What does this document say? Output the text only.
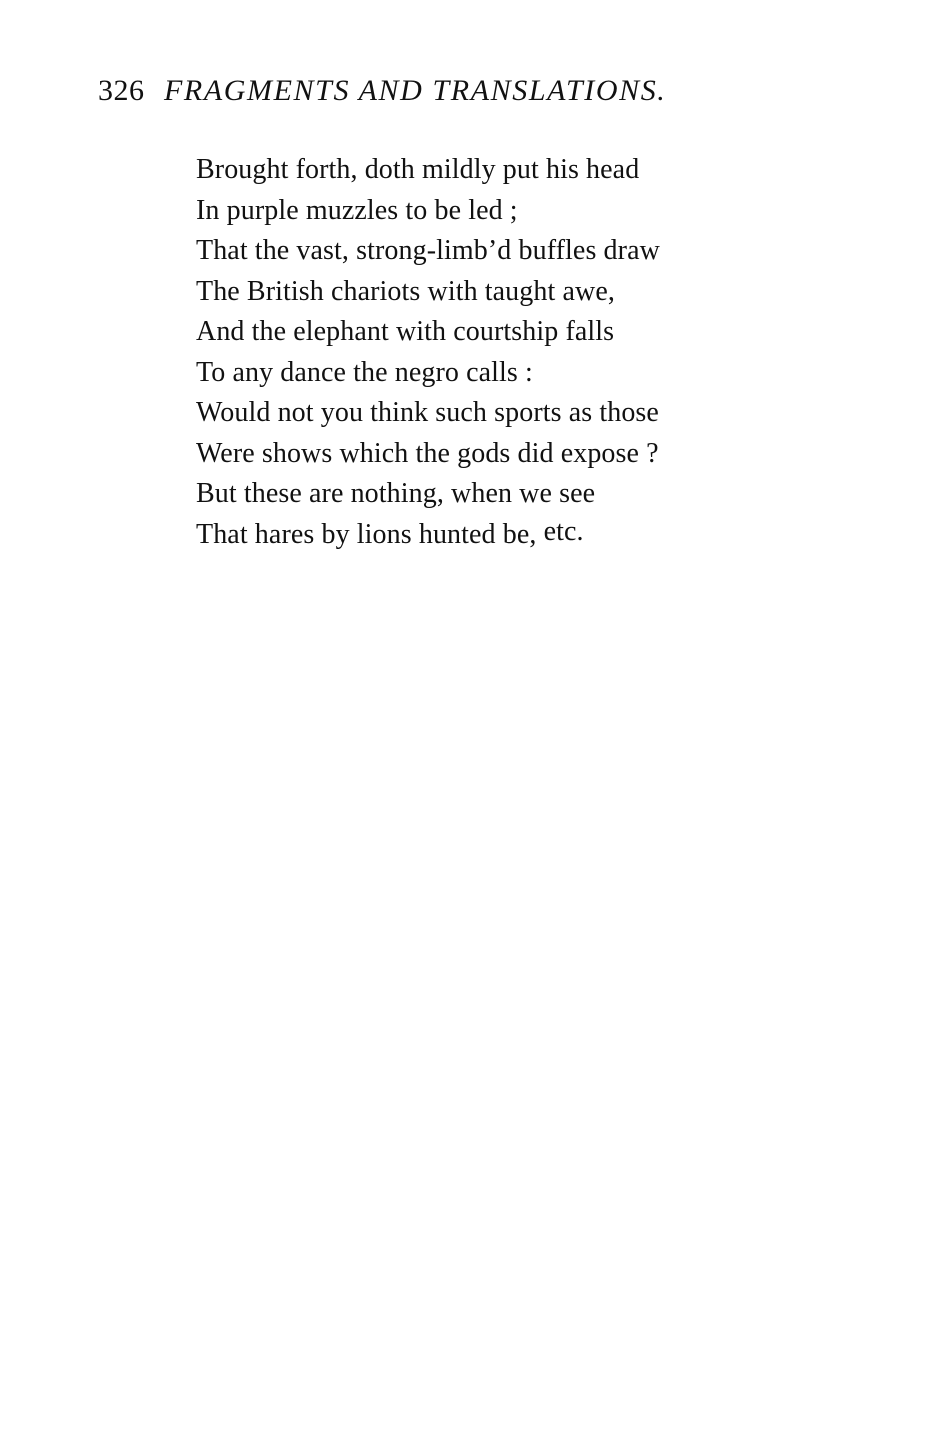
326 FRAGMENTS AND TRANSLATIONS.
Brought forth, doth mildly put his head
In purple muzzles to be led ;
That the vast, strong-limb’d buffles draw
The British chariots with taught awe,
And the elephant with courtship falls
To any dance the negro calls :
Would not you think such sports as those
Were shows which the gods did expose ?
But these are nothing, when we see
That hares by lions hunted be, etc.
